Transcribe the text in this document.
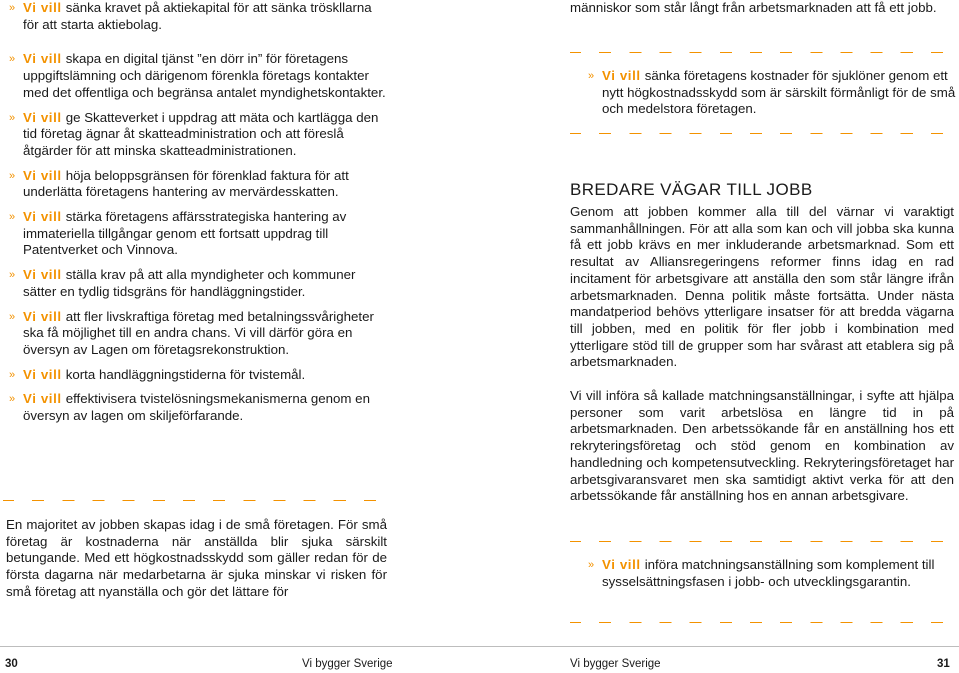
» Vi vill sänka kravet på aktiekapital för att sänka tröskllarna för att starta aktiebolag.

» Vi vill skapa en digital tjänst ”en dörr in” för företagens uppgiftslämning och därigenom förenkla företags kontakter med det offentliga och begränsa antalet myndighetskontakter.

» Vi vill ge Skatteverket i uppdrag att mäta och kartlägga den tid företag ägnar åt skatteadministration och att föreslå åtgärder för att minska skatteadministrationen.

» Vi vill höja beloppsgränsen för förenklad faktura för att underlätta företagens hantering av mervärdesskatten.

» Vi vill stärka företagens affärsstrategiska hantering av immateriella tillgångar genom ett fortsatt uppdrag till Patentverket och Vinnova.

» Vi vill ställa krav på att alla myndigheter och kommuner sätter en tydlig tidsgräns för handläggningstider.

» Vi vill att fler livskraftiga företag med betalningssvårigheter ska få möjlighet till en andra chans. Vi vill därför göra en översyn av Lagen om företagsrekonstruktion.

» Vi vill korta handläggningstiderna för tvistemål.

» Vi vill effektivisera tvistelösningsmekanismerna genom en översyn av lagen om skiljeförfarande.

En majoritet av jobben skapas idag i de små företagen. För små företag är kostnaderna när anställda blir sjuka särskilt betungande. Med ett högkostnadsskydd som gäller redan för de första dagarna när medarbetarna är sjuka minskar vi risken för små företag att nyanställa och gör det lättare för

människor som står långt från arbetsmarknaden att få ett jobb.

» Vi vill sänka företagens kostnader för sjuklöner genom ett nytt högkostnadsskydd som är särskilt förmånligt för de små och medelstora företagen.

BREDARE VÄGAR TILL JOBB

Genom att jobben kommer alla till del värnar vi varaktigt sammanhållningen. För att alla som kan och vill jobba ska kunna få ett jobb krävs en mer inkluderande arbetsmarknad. Som ett resultat av Alliansregeringens reformer finns idag en rad incitament för arbetsgivare att anställa den som står längre ifrån arbetsmarknaden. Denna politik måste fortsätta. Under nästa mandatperiod behövs ytterligare insatser för att bredda vägarna till jobben, med en politik för fler jobb i kombination med ytterligare stöd till de grupper som har svårast att etablera sig på arbetsmarknaden.

Vi vill införa så kallade matchningsanställningar, i syfte att hjälpa personer som varit arbetslösa en längre tid in på arbetsmarknaden. Den arbetssökande får en anställning hos ett rekryteringsföretag och stöd genom en kombination av handledning och kompetensutveckling. Rekryteringsföretaget har arbetsgivaransvaret men ska samtidigt aktivt verka för att den arbetssökande får anställning hos en annan arbetsgivare.

» Vi vill införa matchningsanställning som komplement till sysselsättningsfasen i jobb- och utvecklingsgarantin.

30	Vi bygger Sverige	Vi bygger Sverige	31
